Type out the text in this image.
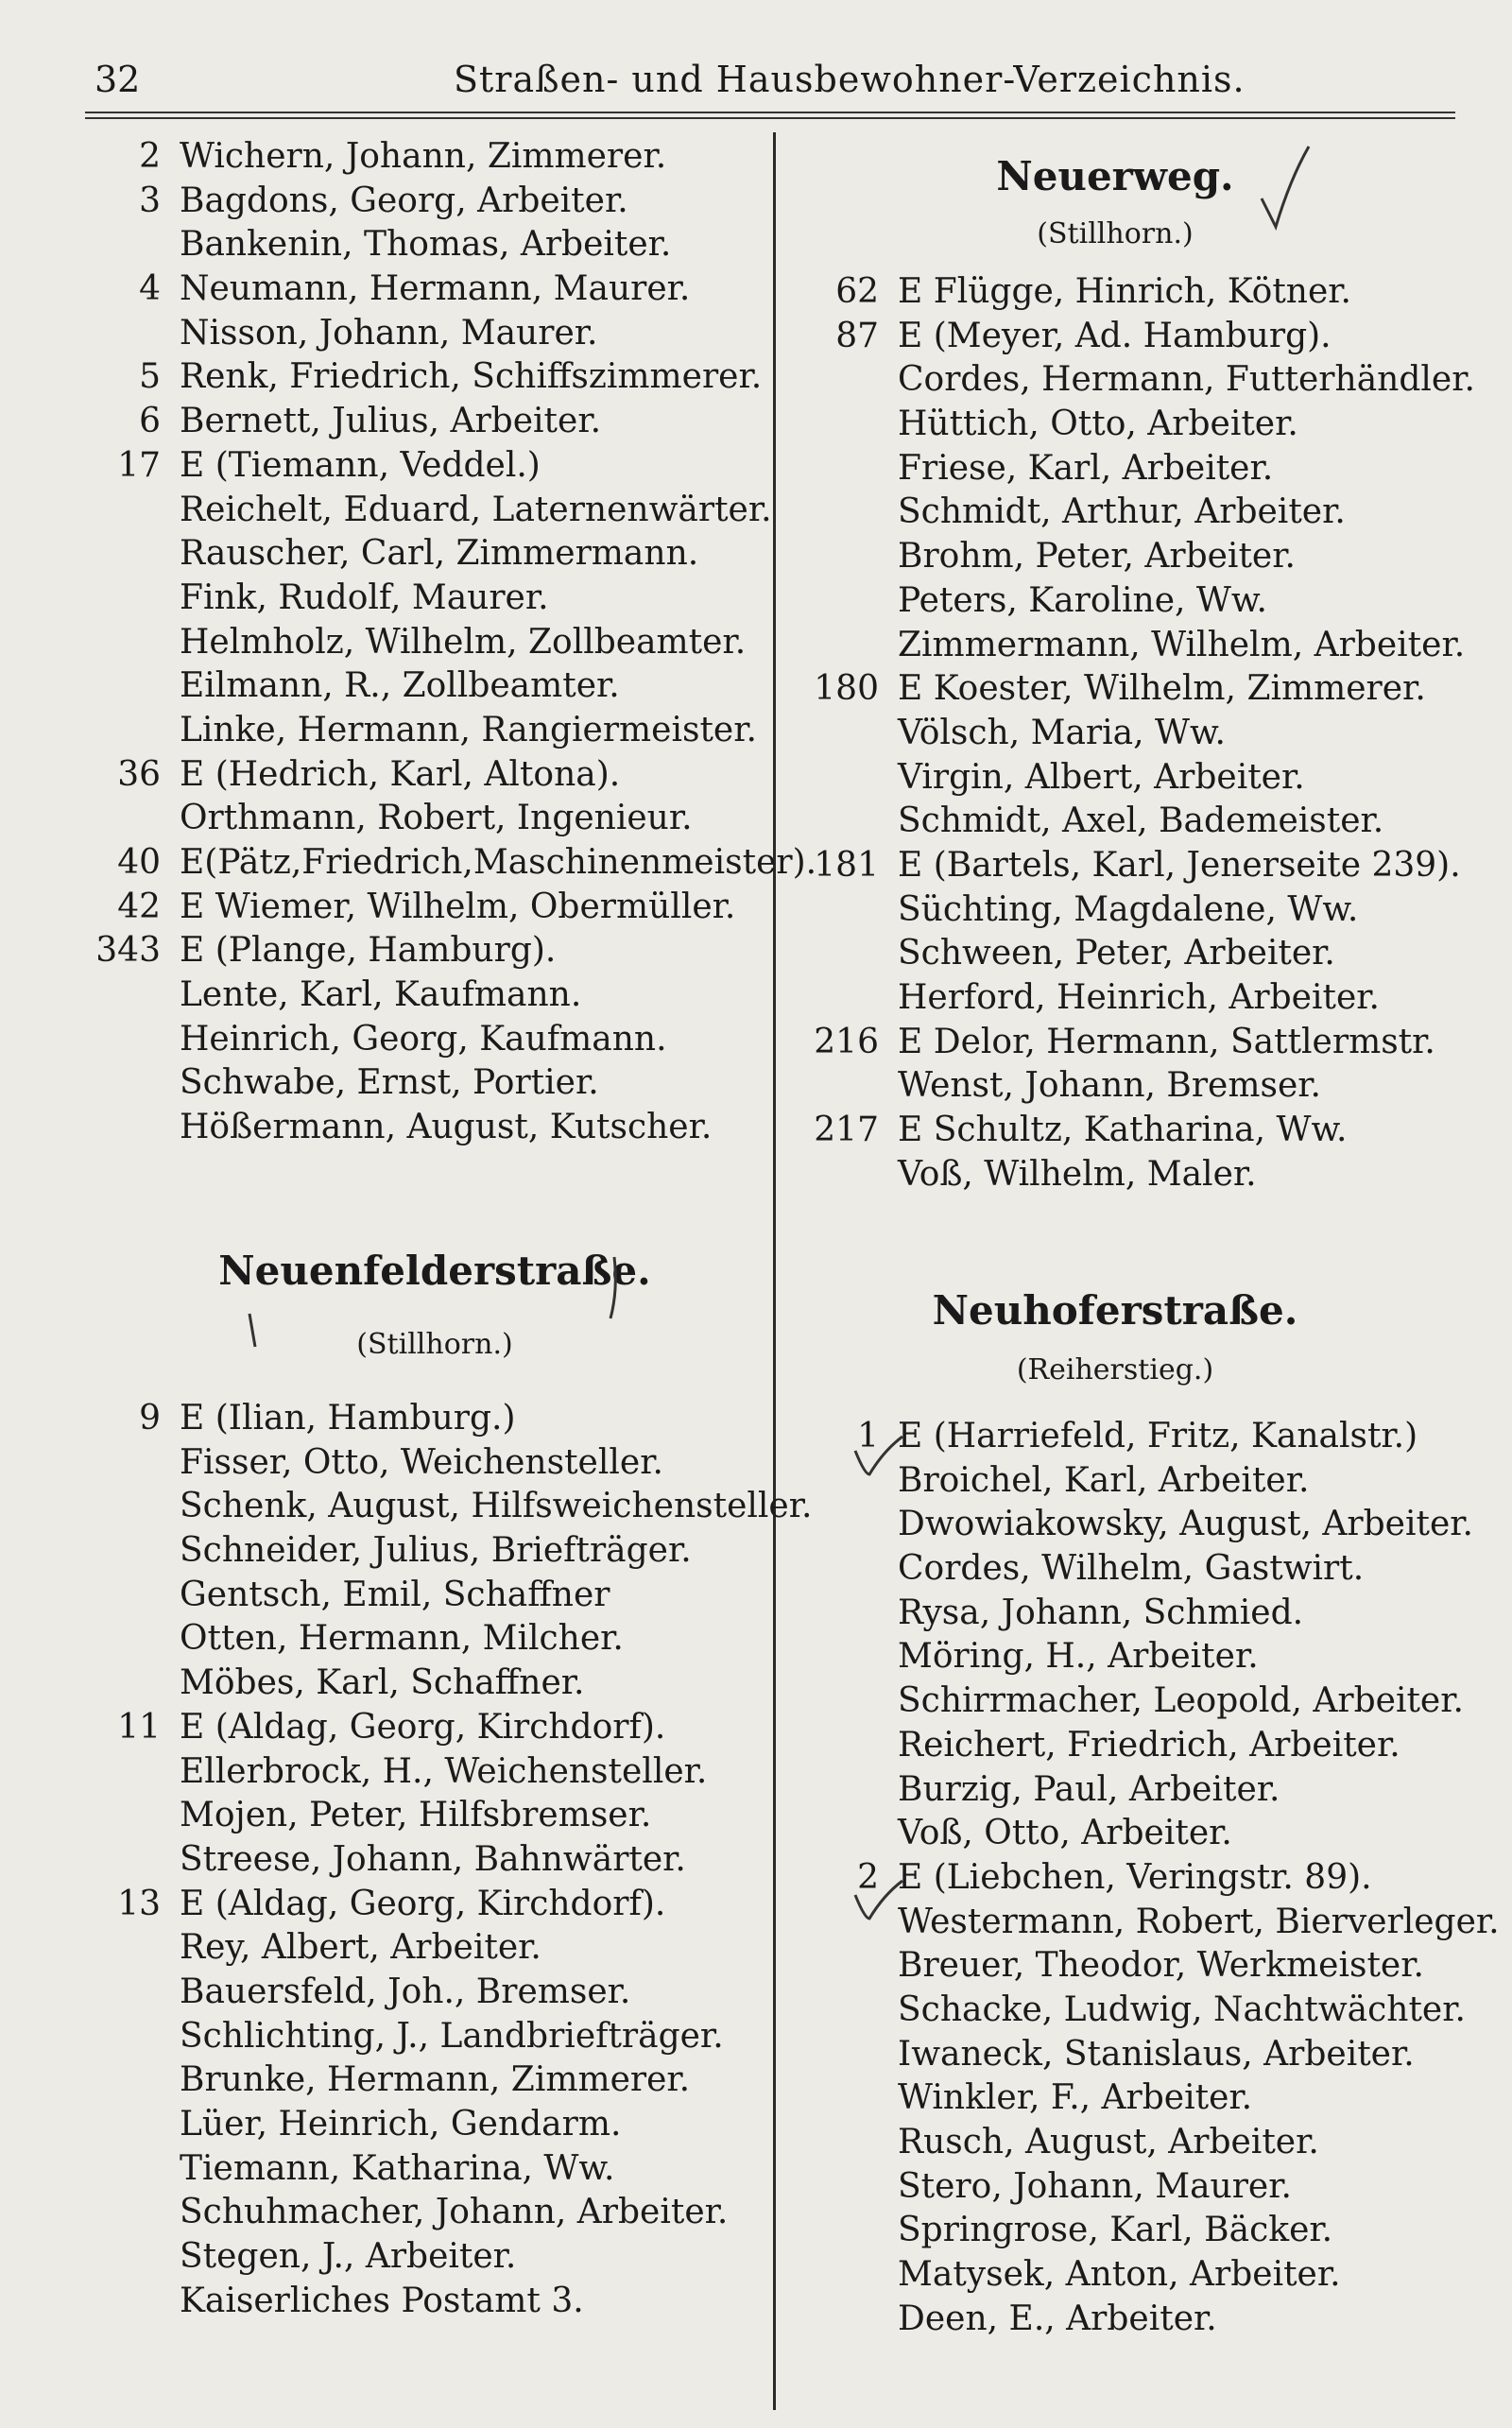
32	Straßen- und Hausbewohner-Verzeichnis.
2 Wichern, Johann, Zimmerer.
3 Bagdons, Georg, Arbeiter.
Bankenin, Thomas, Arbeiter.
4 Neumann, Hermann, Maurer.
Nisson, Johann, Maurer.
5 Renk, Friedrich, Schiffszimmerer.
6 Bernett, Julius, Arbeiter.
17 E (Tiemann, Veddel.)
Reichelt, Eduard, Laternenwärter.
Rauscher, Carl, Zimmermann.
Fink, Rudolf, Maurer.
Helmholz, Wilhelm, Zollbeamter.
Eilmann, R., Zollbeamter.
Linke, Hermann, Rangiermeister.
36 E (Hedrich, Karl, Altona).
Orthmann, Robert, Ingenieur.
40 E(Pätz,Friedrich,Maschinenmeister).
42 E Wiemer, Wilhelm, Obermüller.
343 E (Plange, Hamburg).
Lente, Karl, Kaufmann.
Heinrich, Georg, Kaufmann.
Schwabe, Ernst, Portier.
Hößermann, August, Kutscher.
Neuenfelderstraße.
(Stillhorn.)
9 E (Ilian, Hamburg.)
Fisser, Otto, Weichensteller.
Schenk, August, Hilfsweichensteller.
Schneider, Julius, Briefträger.
Gentsch, Emil, Schaffner
Otten, Hermann, Milcher.
Möbes, Karl, Schaffner.
11 E (Aldag, Georg, Kirchdorf).
Ellerbrock, H., Weichensteller.
Mojen, Peter, Hilfsbremser.
Streese, Johann, Bahnwärter.
13 E (Aldag, Georg, Kirchdorf).
Rey, Albert, Arbeiter.
Bauersfeld, Joh., Bremser.
Schlichting, J., Landbriefträger.
Brunke, Hermann, Zimmerer.
Lüer, Heinrich, Gendarm.
Tiemann, Katharina, Ww.
Schuhmacher, Johann, Arbeiter.
Stegen, J., Arbeiter.
Kaiserliches Postamt 3.
Neuerweg.
(Stillhorn.)
62 E Flügge, Hinrich, Kötner.
87 E (Meyer, Ad. Hamburg).
Cordes, Hermann, Futterhändler.
Hüttich, Otto, Arbeiter.
Friese, Karl, Arbeiter.
Schmidt, Arthur, Arbeiter.
Brohm, Peter, Arbeiter.
Peters, Karoline, Ww.
Zimmermann, Wilhelm, Arbeiter.
180 E Koester, Wilhelm, Zimmerer.
Völsch, Maria, Ww.
Virgin, Albert, Arbeiter.
Schmidt, Axel, Bademeister.
181 E (Bartels, Karl, Jenerseite 239).
Süchting, Magdalene, Ww.
Schween, Peter, Arbeiter.
Herford, Heinrich, Arbeiter.
216 E Delor, Hermann, Sattlermstr.
Wenst, Johann, Bremser.
217 E Schultz, Katharina, Ww.
Voß, Wilhelm, Maler.
Neuhoferstraße.
(Reiherstieg.)
1 E (Harriefeld, Fritz, Kanalstr.)
Broichel, Karl, Arbeiter.
Dwowiakowsky, August, Arbeiter.
Cordes, Wilhelm, Gastwirt.
Rysa, Johann, Schmied.
Möring, H., Arbeiter.
Schirrmacher, Leopold, Arbeiter.
Reichert, Friedrich, Arbeiter.
Burzig, Paul, Arbeiter.
Voß, Otto, Arbeiter.
2 E (Liebchen, Veringstr. 89).
Westermann, Robert, Bierverleger.
Breuer, Theodor, Werkmeister.
Schacke, Ludwig, Nachtwächter.
Iwaneck, Stanislaus, Arbeiter.
Winkler, F., Arbeiter.
Rusch, August, Arbeiter.
Stero, Johann, Maurer.
Springrose, Karl, Bäcker.
Matysek, Anton, Arbeiter.
Deen, E., Arbeiter.
